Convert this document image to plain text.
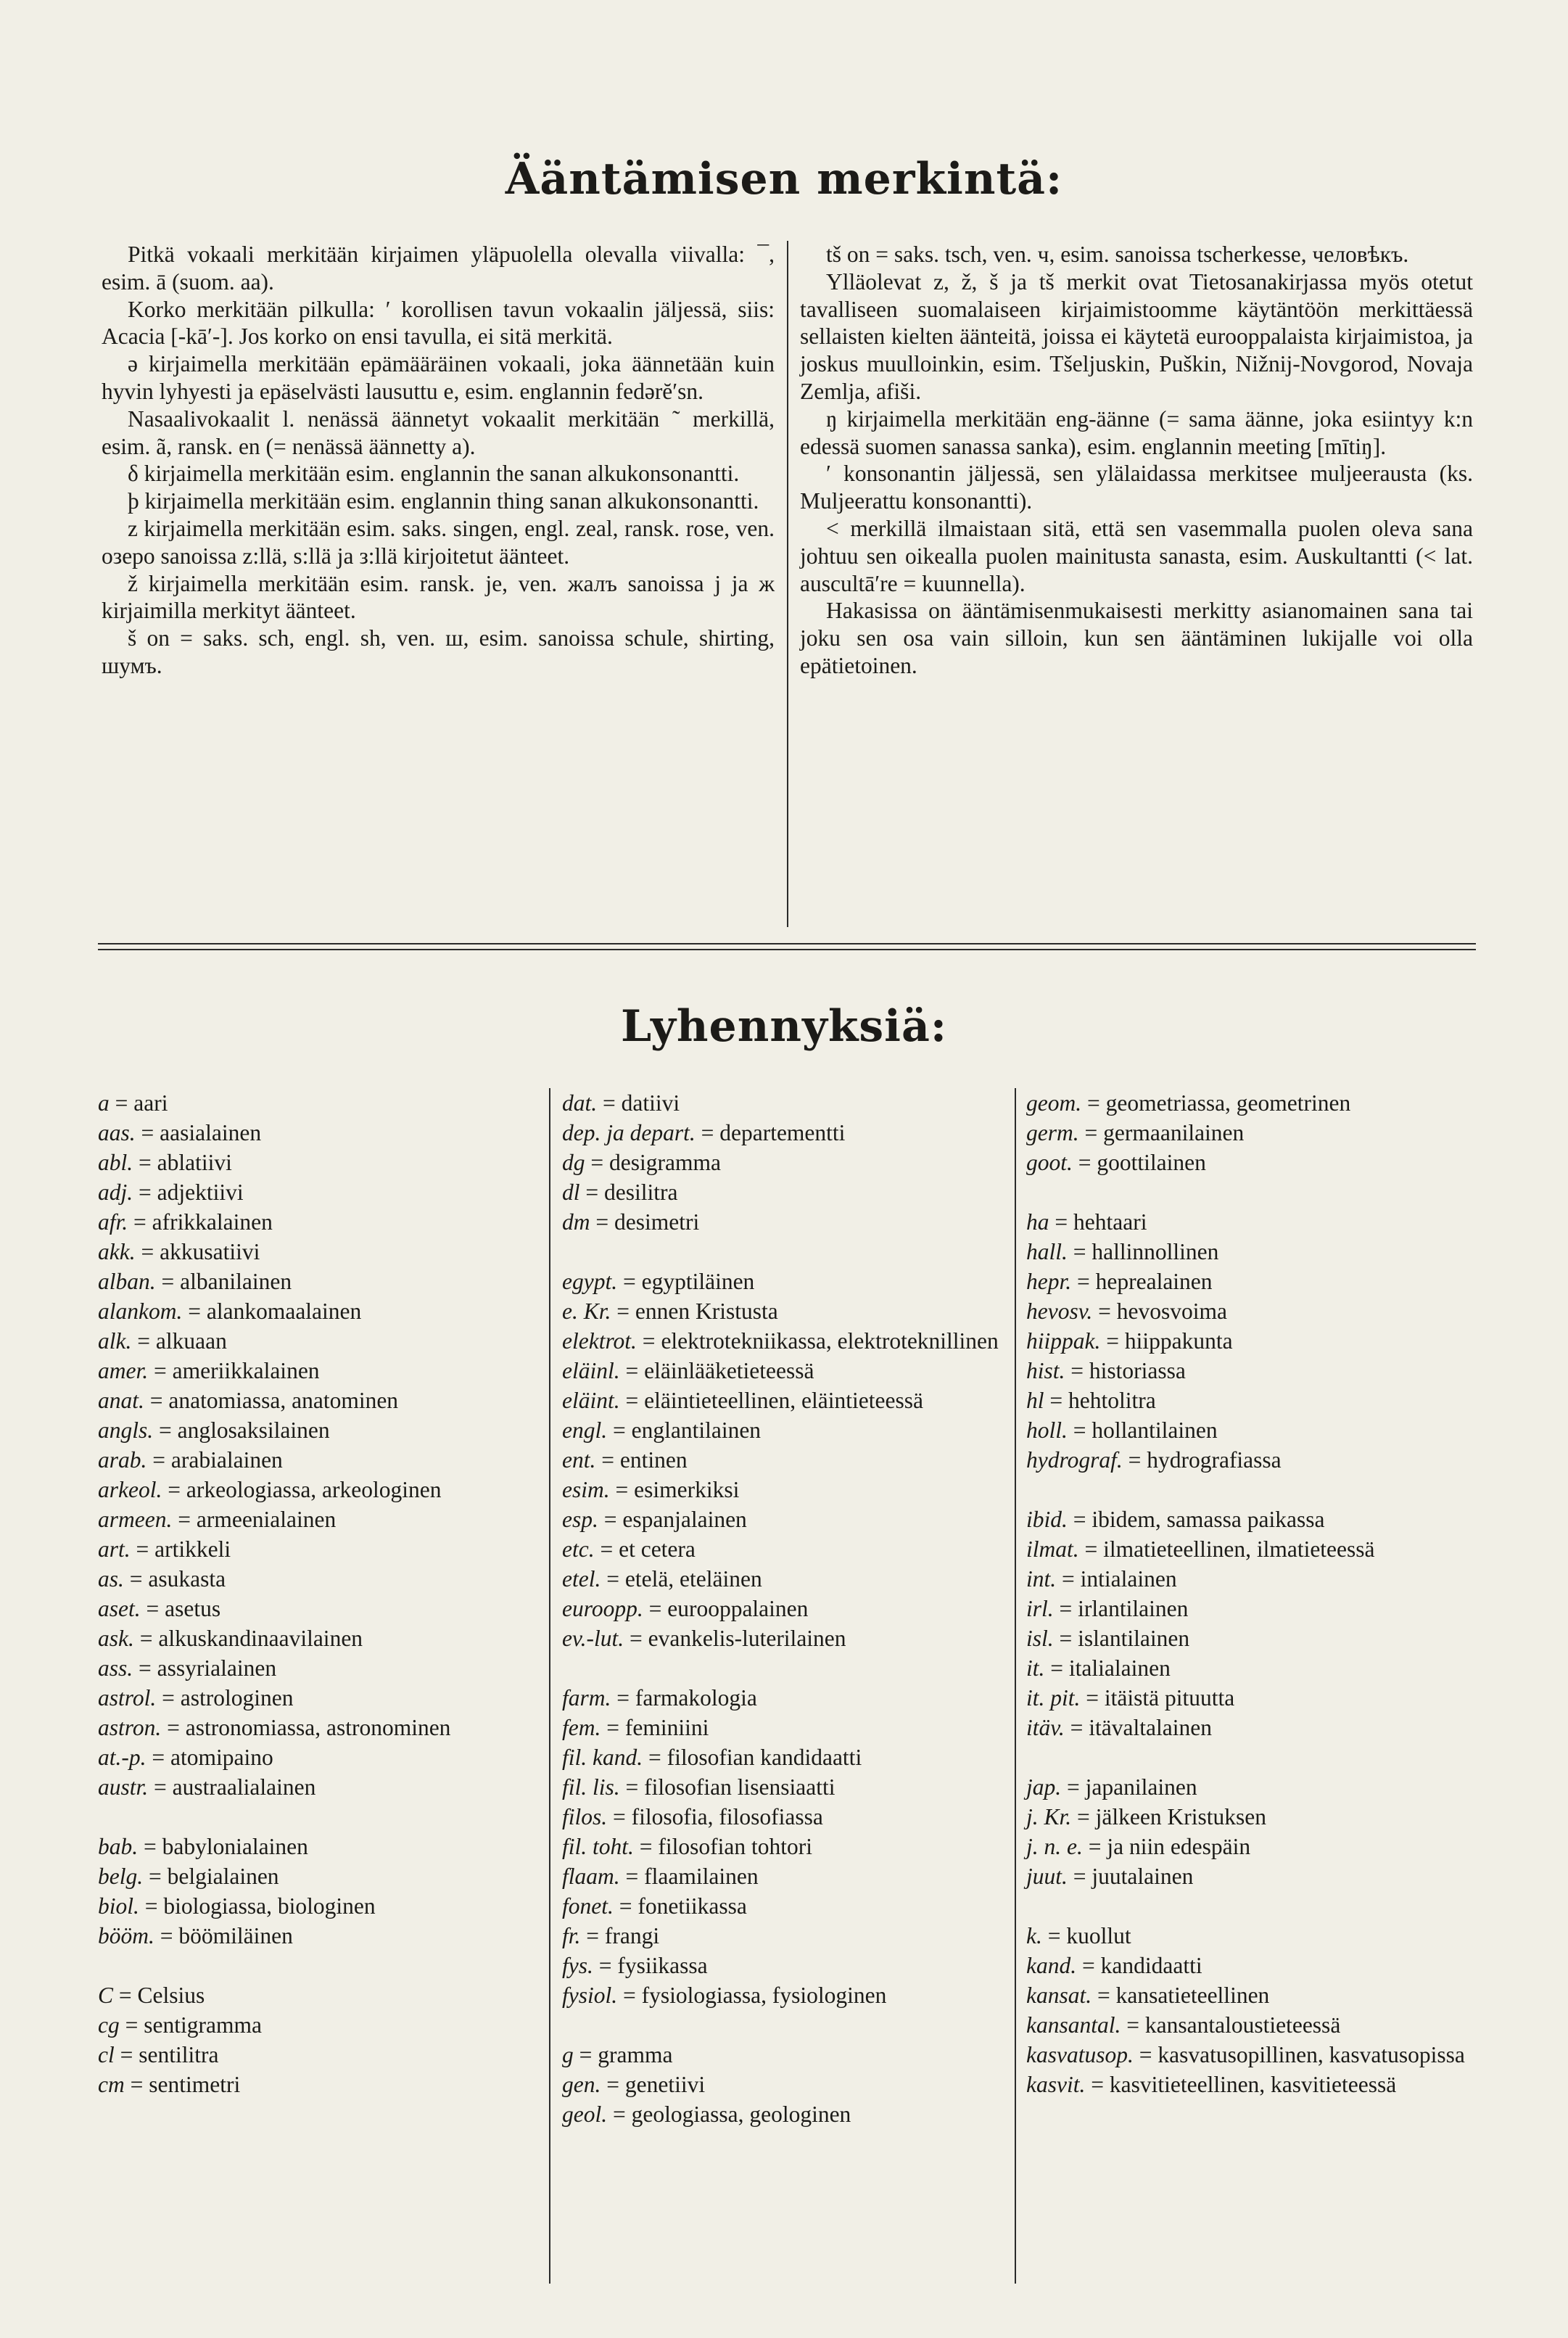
Ääntämisen merkintä:

Pitkä vokaali merkitään kirjaimen yläpuolella olevalla viivalla: ¯, esim. ā (suom. aa).

Korko merkitään pilkulla: ′ korollisen tavun vokaalin jäljessä, siis: Acacia [-kā′-]. Jos korko on ensi tavulla, ei sitä merkitä.

ə kirjaimella merkitään epämääräinen vokaali, joka äännetään kuin hyvin lyhyesti ja epäselvästi lausuttu e, esim. englannin fedərĕ′sn.

Nasaalivokaalit l. nenässä äännetyt vokaalit merkitään ˜ merkillä, esim. ã, ransk. en (= nenässä äännetty a).

δ kirjaimella merkitään esim. englannin the sanan alkukonsonantti.

þ kirjaimella merkitään esim. englannin thing sanan alkukonsonantti.

z kirjaimella merkitään esim. saks. singen, engl. zeal, ransk. rose, ven. озеро sanoissa z:llä, s:llä ja з:llä kirjoitetut äänteet.

ž kirjaimella merkitään esim. ransk. je, ven. жалъ sanoissa j ja ж kirjaimilla merkityt äänteet.

š on = saks. sch, engl. sh, ven. ш, esim. sanoissa schule, shirting, шумъ.

tš on = saks. tsch, ven. ч, esim. sanoissa tscherkesse, человѣкъ.

Ylläolevat z, ž, š ja tš merkit ovat Tietosanakirjassa myös otetut tavalliseen suomalaiseen kirjaimistoomme käytäntöön merkittäessä sellaisten kielten äänteitä, joissa ei käytetä eurooppalaista kirjaimistoa, ja joskus muulloinkin, esim. Tšeljuskin, Puškin, Nižnij-Novgorod, Novaja Zemlja, afiši.

ŋ kirjaimella merkitään eng-äänne (= sama äänne, joka esiintyy k:n edessä suomen sanassa sanka), esim. englannin meeting [mītiŋ].

′ konsonantin jäljessä, sen ylälaidassa merkitsee muljeerausta (ks. Muljeerattu konsonantti).

< merkillä ilmaistaan sitä, että sen vasemmalla puolen oleva sana johtuu sen oikealla puolen mainitusta sanasta, esim. Auskultantti (< lat. auscultā′re = kuunnella).

Hakasissa on ääntämisenmukaisesti merkitty asianomainen sana tai joku sen osa vain silloin, kun sen ääntäminen lukijalle voi olla epätietoinen.

Lyhennyksiä:
a = aari
aas. = aasialainen
abl. = ablatiivi
adj. = adjektiivi
afr. = afrikkalainen
akk. = akkusatiivi
alban. = albanilainen
alankom. = alankomaalainen
alk. = alkuaan
amer. = ameriikkalainen
anat. = anatomiassa, anatominen
angls. = anglosaksilainen
arab. = arabialainen
arkeol. = arkeologiassa, arkeologinen
armeen. = armeenialainen
art. = artikkeli
as. = asukasta
aset. = asetus
ask. = alkuskandinaavilainen
ass. = assyrialainen
astrol. = astrologinen
astron. = astronomiassa, astronominen
at.-p. = atomipaino
austr. = austraalialainen
bab. = babylonialainen
belg. = belgialainen
biol. = biologiassa, biologinen
bööm. = böömiläinen
C = Celsius
cg = sentigramma
cl = sentilitra
cm = sentimetri
dat. = datiivi
dep. ja depart. = departementti
dg = desigramma
dl = desilitra
dm = desimetri
egypt. = egyptiläinen
e. Kr. = ennen Kristusta
elektrot. = elektrotekniikassa, elektroteknillinen
eläinl. = eläinlääketieteessä
eläint. = eläintieteellinen, eläintieteessä
engl. = englantilainen
ent. = entinen
esim. = esimerkiksi
esp. = espanjalainen
etc. = et cetera
etel. = etelä, eteläinen
euroopp. = eurooppalainen
ev.-lut. = evankelis-luterilainen
farm. = farmakologia
fem. = feminiini
fil. kand. = filosofian kandidaatti
fil. lis. = filosofian lisensiaatti
filos. = filosofia, filosofiassa
fil. toht. = filosofian tohtori
flaam. = flaamilainen
fonet. = fonetiikassa
fr. = frangi
fys. = fysiikassa
fysiol. = fysiologiassa, fysiologinen
g = gramma
gen. = genetiivi
geol. = geologiassa, geologinen
geom. = geometriassa, geometrinen
germ. = germaanilainen
goot. = goottilainen
ha = hehtaari
hall. = hallinnollinen
hepr. = heprealainen
hevosv. = hevosvoima
hiippak. = hiippakunta
hist. = historiassa
hl = hehtolitra
holl. = hollantilainen
hydrograf. = hydrografiassa
ibid. = ibidem, samassa paikassa
ilmat. = ilmatieteellinen, ilmatieteessä
int. = intialainen
irl. = irlantilainen
isl. = islantilainen
it. = italialainen
it. pit. = itäistä pituutta
itäv. = itävaltalainen
jap. = japanilainen
j. Kr. = jälkeen Kristuksen
j. n. e. = ja niin edespäin
juut. = juutalainen
k. = kuollut
kand. = kandidaatti
kansat. = kansatieteellinen
kansantal. = kansantaloustieteessä
kasvatusop. = kasvatusopillinen, kasvatusopissa
kasvit. = kasvitieteellinen, kasvitieteessä
